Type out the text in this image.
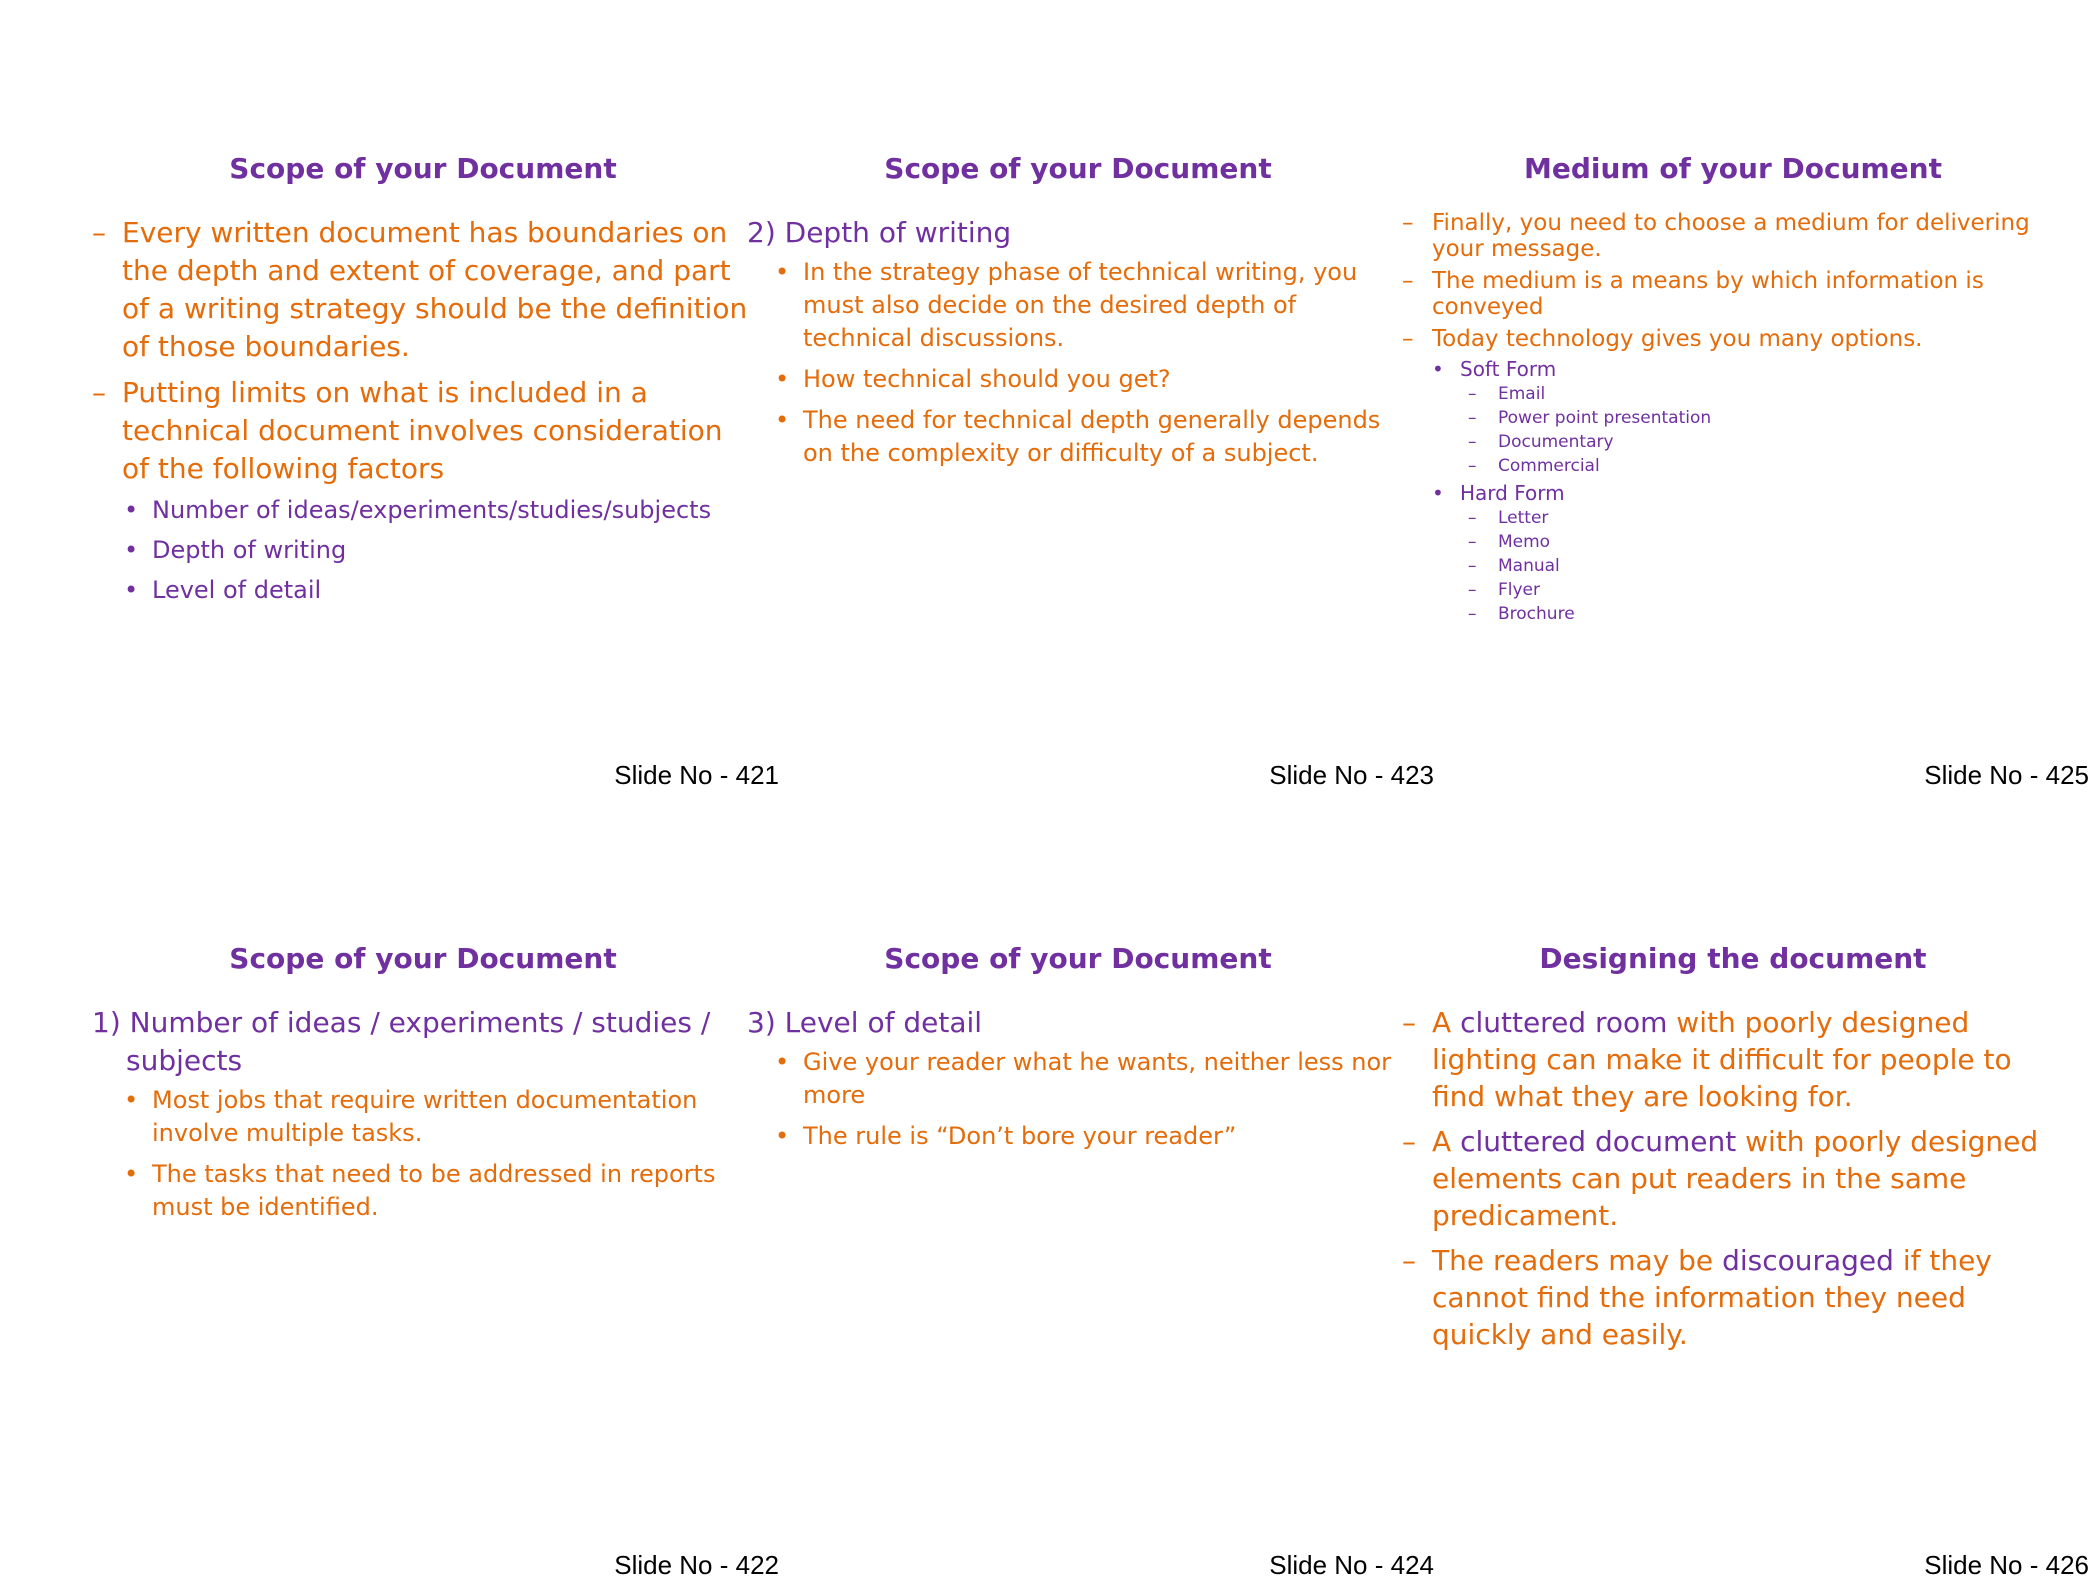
Scope of your Document
– Every written document has boundaries on the depth and extent of coverage, and part of a writing strategy should be the definition of those boundaries.
– Putting limits on what is included in a technical document involves consideration of the following factors
• Number of ideas/experiments/studies/subjects
• Depth of writing
• Level of detail
Slide No - 421
Scope of your Document
2) Depth of writing
• In the strategy phase of technical writing, you must also decide on the desired depth of technical discussions.
• How technical should you get?
• The need for technical depth generally depends on the complexity or difficulty of a subject.
Slide No - 423
Medium of your Document
– Finally, you need to choose a medium for delivering your message.
– The medium is a means by which information is conveyed
– Today technology gives you many options.
• Soft Form
– Email
– Power point presentation
– Documentary
– Commercial
• Hard Form
– Letter
– Memo
– Manual
– Flyer
– Brochure
Slide No - 425
Scope of your Document
1) Number of ideas / experiments / studies / subjects
• Most jobs that require written documentation involve multiple tasks.
• The tasks that need to be addressed in reports must be identified.
Slide No - 422
Scope of your Document
3) Level of detail
• Give your reader what he wants, neither less nor more
• The rule is “Don’t bore your reader”
Slide No - 424
Designing the document
– A cluttered room with poorly designed lighting can make it difficult for people to find what they are looking for.
– A cluttered document with poorly designed elements can put readers in the same predicament.
– The readers may be discouraged if they cannot find the information they need quickly and easily.
Slide No - 426
